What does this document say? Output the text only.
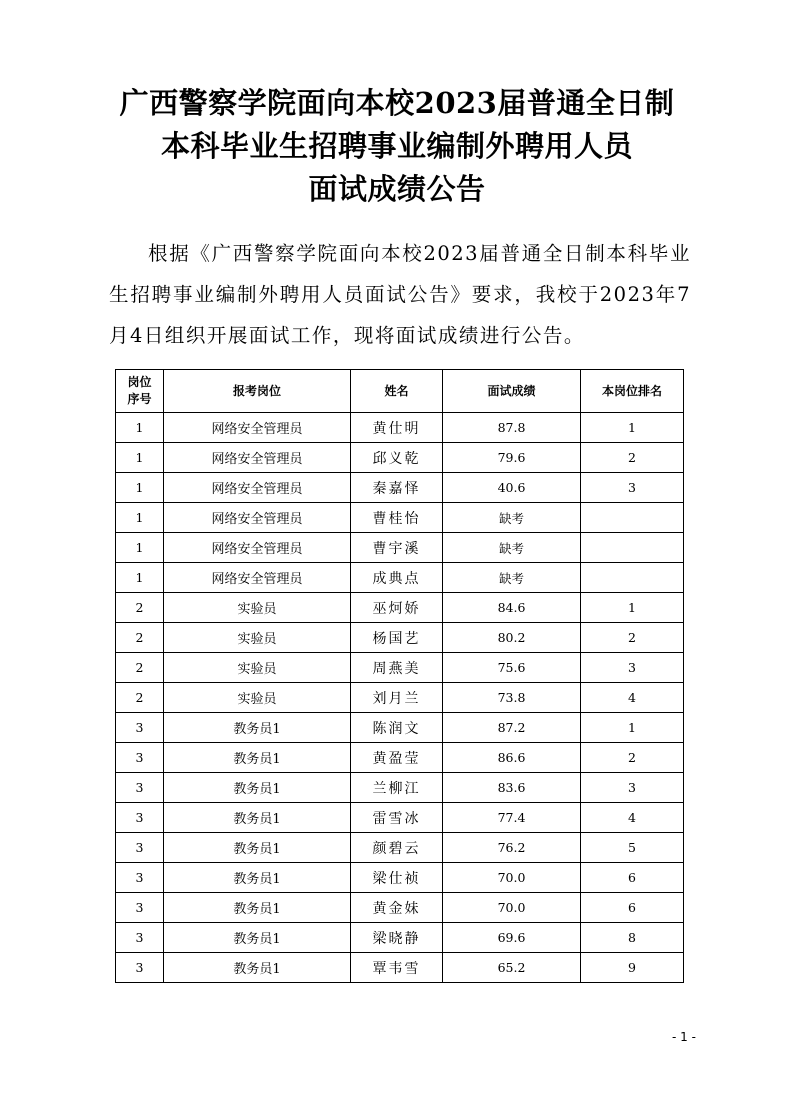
广西警察学院面向本校2023届普通全日制
本科毕业生招聘事业编制外聘用人员
面试成绩公告
根据《广西警察学院面向本校2023届普通全日制本科毕业生招聘事业编制外聘用人员面试公告》要求，我校于2023年7月4日组织开展面试工作，现将面试成绩进行公告。
岗位
序号	报考岗位	姓名	面试成绩	本岗位排名
1	网络安全管理员	黄仕明	87.8	1
1	网络安全管理员	邱义乾	79.6	2
1	网络安全管理员	秦嘉怿	40.6	3
1	网络安全管理员	曹桂怡	缺考	
1	网络安全管理员	曹宇溪	缺考	
1	网络安全管理员	成典点	缺考	
2	实验员	巫炣娇	84.6	1
2	实验员	杨国艺	80.2	2
2	实验员	周燕美	75.6	3
2	实验员	刘月兰	73.8	4
3	教务员1	陈润文	87.2	1
3	教务员1	黄盈莹	86.6	2
3	教务员1	兰柳江	83.6	3
3	教务员1	雷雪冰	77.4	4
3	教务员1	颜碧云	76.2	5
3	教务员1	梁仕祯	70.0	6
3	教务员1	黄金妹	70.0	6
3	教务员1	梁晓静	69.6	8
3	教务员1	覃韦雪	65.2	9
- 1 -
